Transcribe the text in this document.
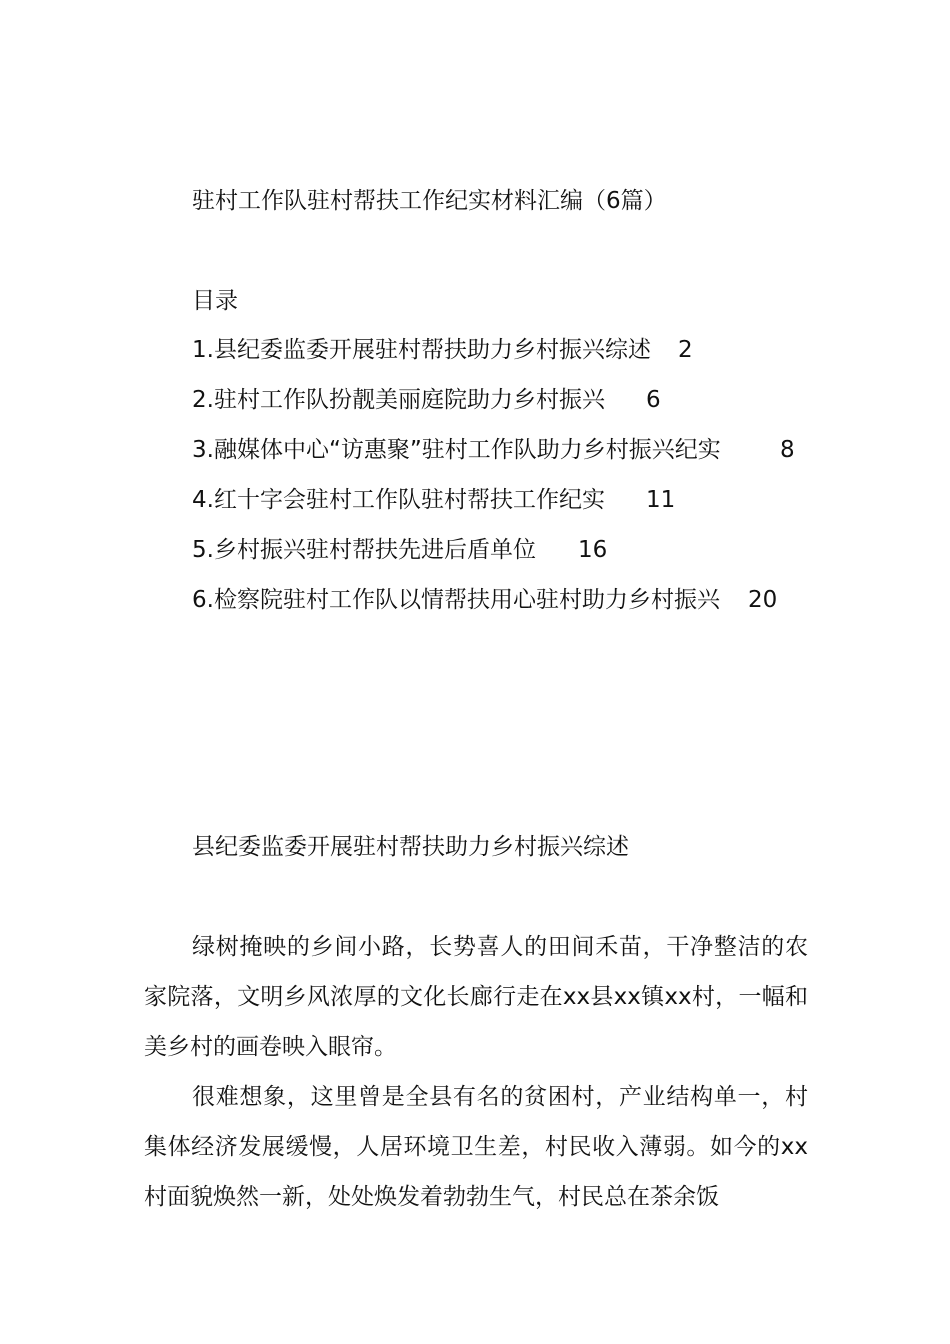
驻村工作队驻村帮扶工作纪实材料汇编（6篇）
目录
1.县纪委监委开展驻村帮扶助力乡村振兴综述 2
2.驻村工作队扮靓美丽庭院助力乡村振兴 6
3.融媒体中心“访惠聚”驻村工作队助力乡村振兴纪实	8
4.红十字会驻村工作队驻村帮扶工作纪实 11
5.乡村振兴驻村帮扶先进后盾单位 16
6.检察院驻村工作队以情帮扶用心驻村助力乡村振兴 20
县纪委监委开展驻村帮扶助力乡村振兴综述

绿树掩映的乡间小路，长势喜人的田间禾苗，干净整洁的农家院落，文明乡风浓厚的文化长廊行走在xx县xx镇xx村，一幅和美乡村的画卷映入眼帘。

很难想象，这里曾是全县有名的贫困村，产业结构单一，村集体经济发展缓慢，人居环境卫生差，村民收入薄弱。如今的xx村面貌焕然一新，处处焕发着勃勃生气，村民总在茶余饭
